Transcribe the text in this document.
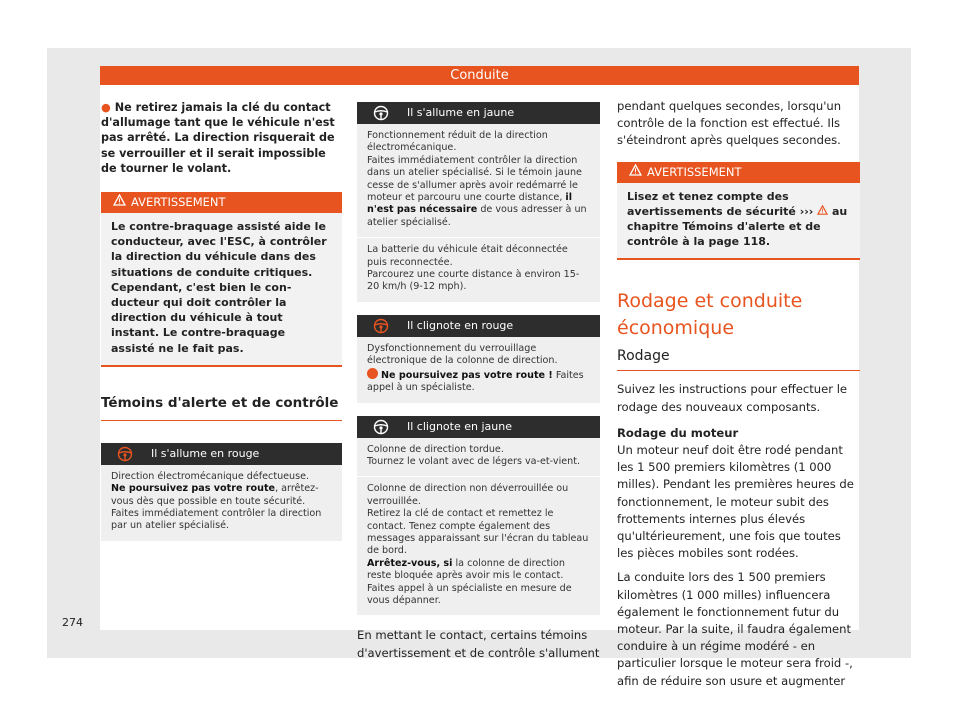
Conduite

● Ne retirez jamais la clé du contact d'allumage tant que le véhicule n'est pas arrêté. La direction risquerait de se verrouiller et il serait impossible de tourner le volant.

AVERTISSEMENT
Le contre-braquage assisté aide le conducteur, avec l'ESC, à contrôler la direction du véhicule dans des situations de conduite critiques. Cependant, c'est bien le conducteur qui doit contrôler la direction du véhicule à tout instant. Le contre-braquage assisté ne le fait pas.
Témoins d'alerte et de contrôle
Il s'allume en rouge
Direction électromécanique défectueuse.
Ne poursuivez pas votre route, arrêtez-vous dès que possible en toute sécurité.
Faites immédiatement contrôler la direction par un atelier spécialisé.
Il s'allume en jaune
Fonctionnement réduit de la direction électromécanique.
Faites immédiatement contrôler la direction dans un atelier spécialisé. Si le témoin jaune cesse de s'allumer après avoir redémarré le moteur et parcouru une courte distance, il n'est pas nécessaire de vous adresser à un atelier spécialisé.
La batterie du véhicule était déconnectée puis reconnectée.
Parcourez une courte distance à environ 15-20 km/h (9-12 mph).
Il clignote en rouge
Dysfonctionnement du verrouillage électronique de la colonne de direction.
Ne poursuivez pas votre route ! Faites appel à un spécialiste.
Il clignote en jaune
Colonne de direction tordue.
Tournez le volant avec de légers va-et-vient.
Colonne de direction non déverrouillée ou verrouillée.
Retirez la clé de contact et remettez le contact. Tenez compte également des messages apparaissant sur l'écran du tableau de bord.
Arrêtez-vous, si la colonne de direction reste bloquée après avoir mis le contact. Faites appel à un spécialiste en mesure de vous dépanner.

En mettant le contact, certains témoins d'avertissement et de contrôle s'allument

pendant quelques secondes, lorsqu'un contrôle de la fonction est effectué. Ils s'éteindront après quelques secondes.

AVERTISSEMENT
Lisez et tenez compte des avertissements de sécurité ›››  au chapitre Témoins d'alerte et de contrôle à la page 118.
Rodage et conduite économique
Rodage

Suivez les instructions pour effectuer le rodage des nouveaux composants.

Rodage du moteur

Un moteur neuf doit être rodé pendant les 1 500 premiers kilomètres (1 000 milles). Pendant les premières heures de fonctionnement, le moteur subit des frottements internes plus élevés qu'ultérieurement, une fois que toutes les pièces mobiles sont rodées.

La conduite lors des 1 500 premiers kilomètres (1 000 milles) influencera également le fonctionnement futur du moteur. Par la suite, il faudra également conduire à un régime modéré - en particulier lorsque le moteur sera froid -, afin de réduire son usure et augmenter

274
